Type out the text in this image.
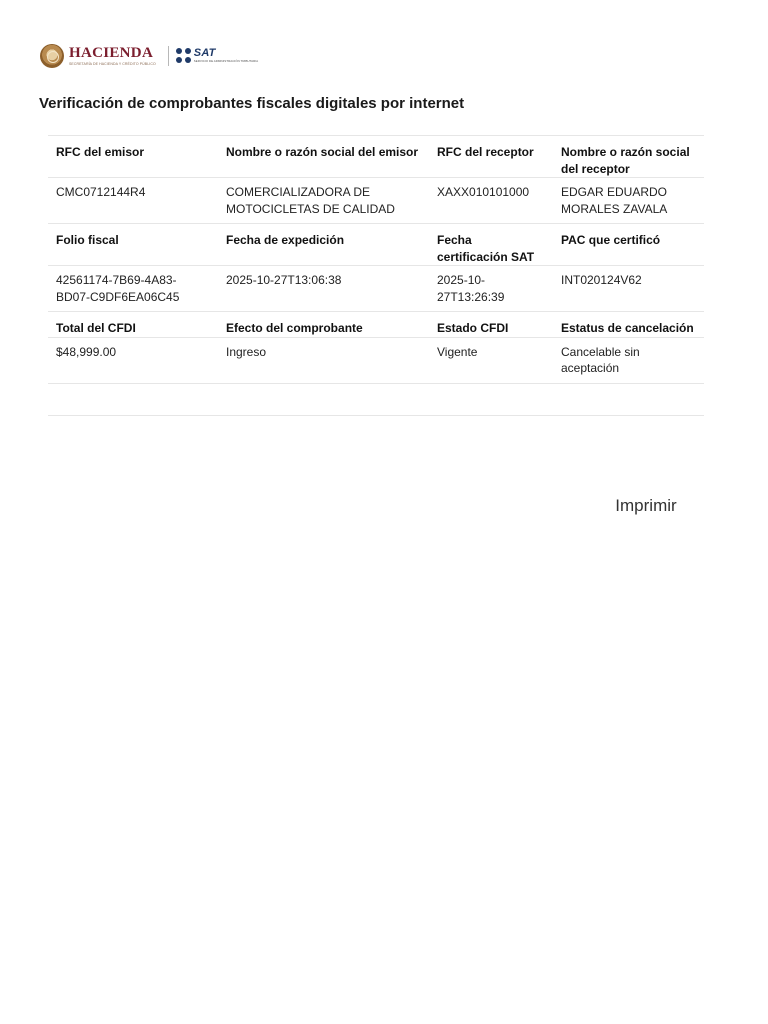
HACIENDA
SECRETARÍA DE HACIENDA Y CRÉDITO PÚBLICO
SAT
SERVICIO DE ADMINISTRACIÓN TRIBUTARIA
Verificación de comprobantes fiscales digitales por internet
RFC del emisor	Nombre o razón social del emisor	RFC del receptor	Nombre o razón social del receptor
CMC0712144R4	COMERCIALIZADORA DE MOTOCICLETAS DE CALIDAD	XAXX010101000	EDGAR EDUARDO MORALES ZAVALA
Folio fiscal	Fecha de expedición	Fecha certificación SAT	PAC que certificó
42561174-7B69-4A83-BD07-C9DF6EA06C45	2025-10-27T13:06:38	2025-10-27T13:26:39	INT020124V62
Total del CFDI	Efecto del comprobante	Estado CFDI	Estatus de cancelación
$48,999.00	Ingreso	Vigente	Cancelable sin aceptación

Imprimir
